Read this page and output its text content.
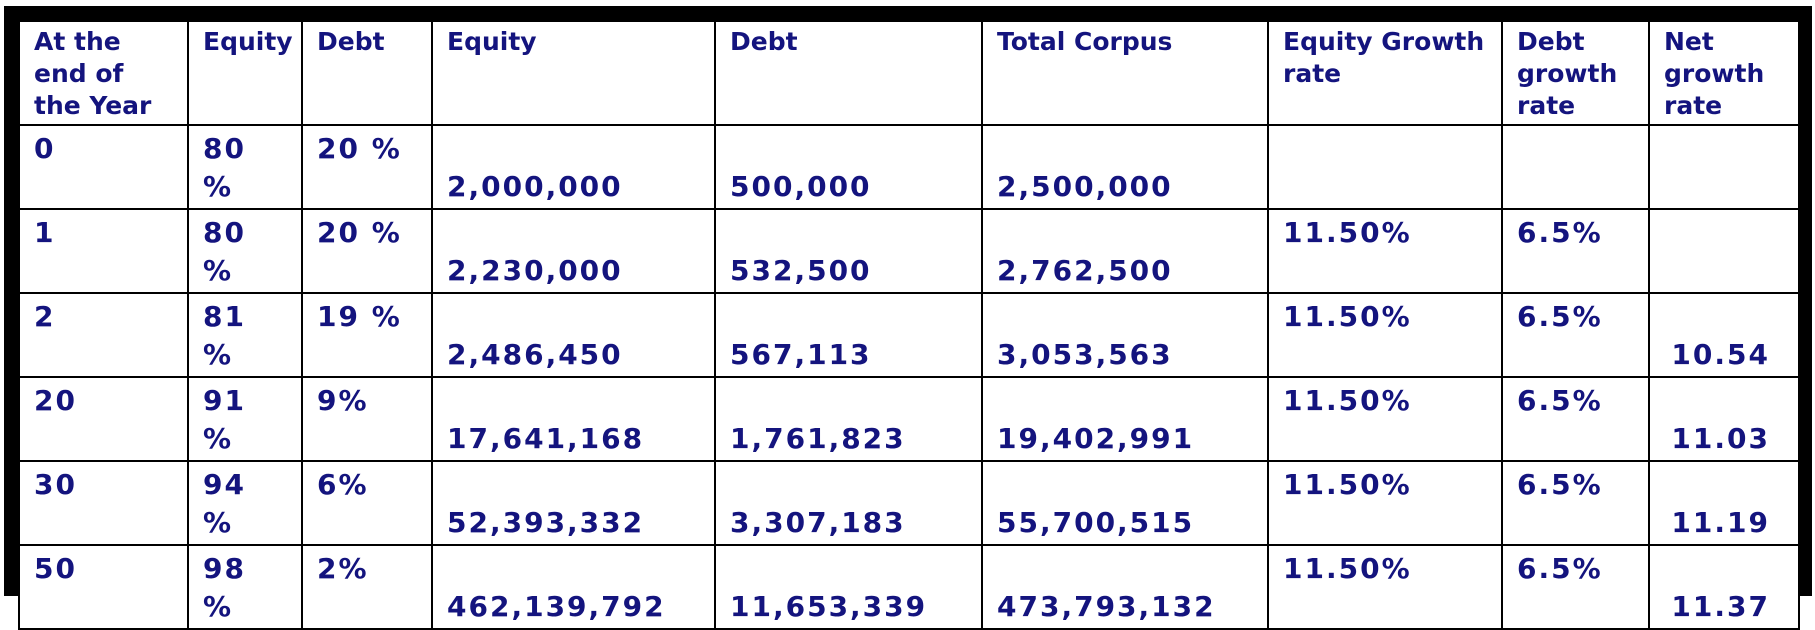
At the end of the Year	Equity	Debt	Equity	Debt	Total Corpus	Equity Growth rate	Debt growth rate	Net growth rate
0	80 %	20 %	2,000,000	500,000	2,500,000			
1	80 %	20 %	2,230,000	532,500	2,762,500	11.50%	6.5%	
2	81 %	19 %	2,486,450	567,113	3,053,563	11.50%	6.5%	10.54
20	91 %	9%	17,641,168	1,761,823	19,402,991	11.50%	6.5%	11.03
30	94 %	6%	52,393,332	3,307,183	55,700,515	11.50%	6.5%	11.19
50	98 %	2%	462,139,792	11,653,339	473,793,132	11.50%	6.5%	11.37
